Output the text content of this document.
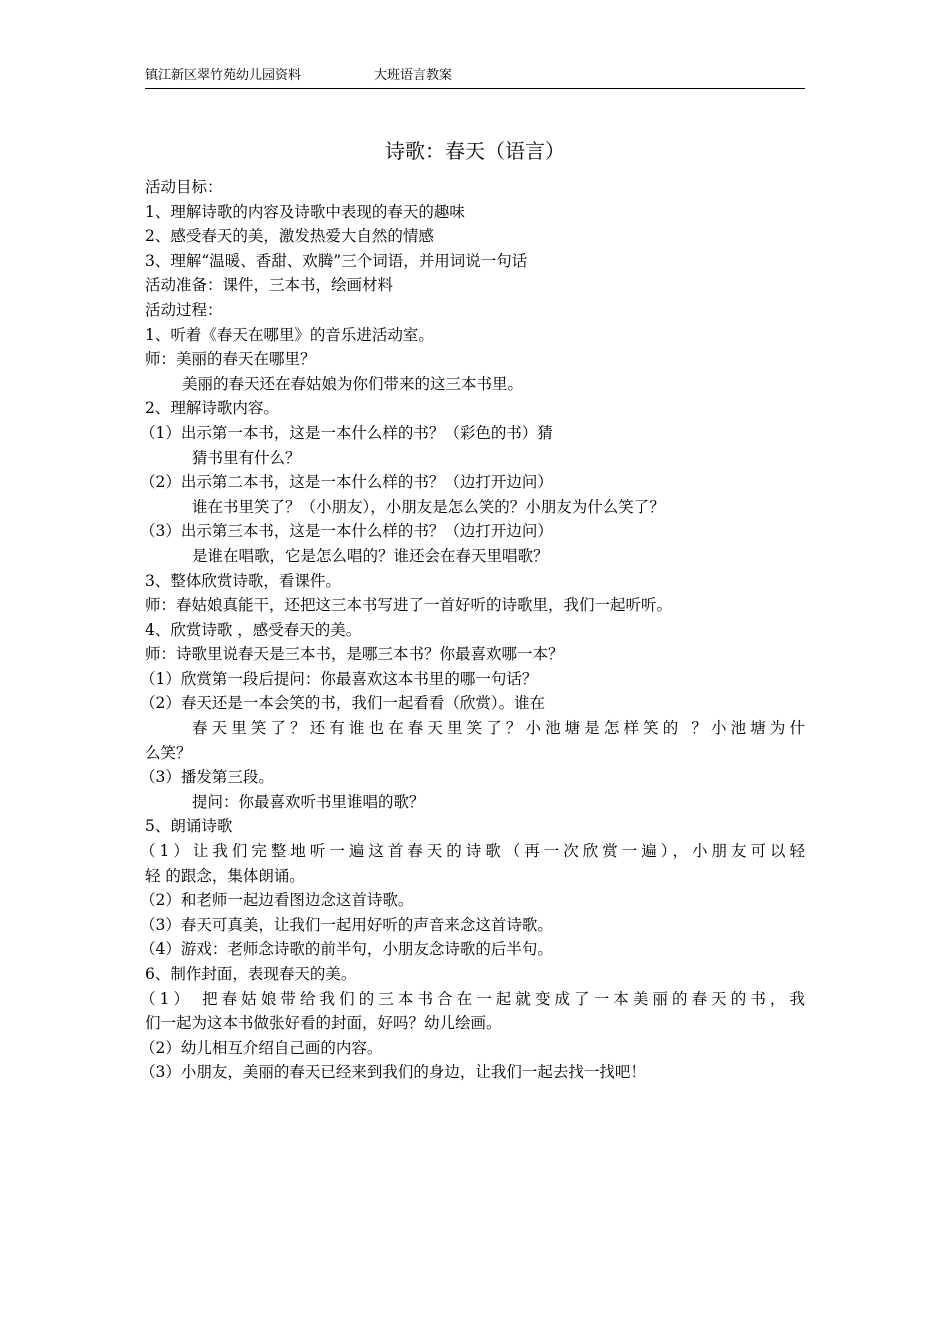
镇江新区翠竹苑幼儿园资料	大班语言教案
诗歌：春天（语言）
活动目标：
1、理解诗歌的内容及诗歌中表现的春天的趣味
2、感受春天的美，激发热爱大自然的情感
3、理解“温暖、香甜、欢腾”三个词语，并用词说一句话
活动准备：课件，三本书，绘画材料
活动过程：
1、听着《春天在哪里》的音乐进活动室。
师：美丽的春天在哪里？
美丽的春天还在春姑娘为你们带来的这三本书里。
2、理解诗歌内容。
（1）出示第一本书，这是一本什么样的书？（彩色的书）猜
猜书里有什么？
（2）出示第二本书，这是一本什么样的书？（边打开边问）
谁在书里笑了？（小朋友），小朋友是怎么笑的？小朋友为什么笑了？
（3）出示第三本书，这是一本什么样的书？（边打开边问）
是谁在唱歌，它是怎么唱的？谁还会在春天里唱歌？
3、整体欣赏诗歌，看课件。
师：春姑娘真能干，还把这三本书写进了一首好听的诗歌里，我们一起听听。
4、欣赏诗歌 ，感受春天的美。
师：诗歌里说春天是三本书，是哪三本书？你最喜欢哪一本？
（1）欣赏第一段后提问：你最喜欢这本书里的哪一句话？
（2）春天还是一本会笑的书，我们一起看看（欣赏）。谁在
春天里笑了？还有谁也在春天里笑了？小池塘是怎样笑的 ？小池塘为什
么笑？
（3）播发第三段。
提问：你最喜欢听书里谁唱的歌？
5、朗诵诗歌
（1）让我们完整地听一遍这首春天的诗歌（再一次欣赏一遍），小朋友可以轻
轻 的跟念，集体朗诵。
（2）和老师一起边看图边念这首诗歌。
（3）春天可真美，让我们一起用好听的声音来念这首诗歌。
（4）游戏：老师念诗歌的前半句，小朋友念诗歌的后半句。
6、制作封面，表现春天的美。
（1） 把春姑娘带给我们的三本书合在一起就变成了一本美丽的春天的书，我
们一起为这本书做张好看的封面，好吗？幼儿绘画。
（2）幼儿相互介绍自己画的内容。
（3）小朋友，美丽的春天已经来到我们的身边，让我们一起去找一找吧！
